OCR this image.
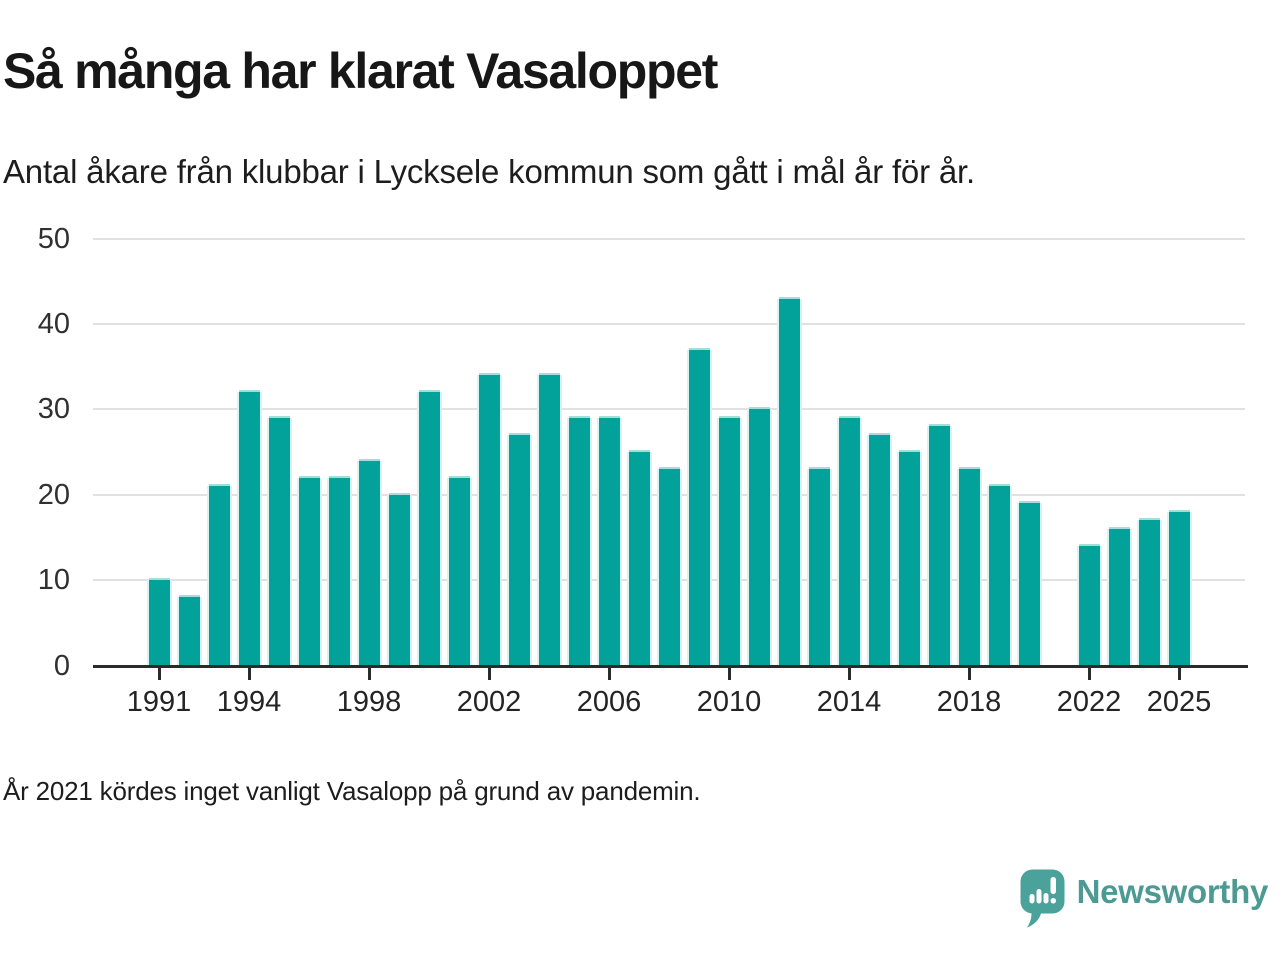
Så många har klarat Vasaloppet
Antal åkare från klubbar i Lycksele kommun som gått i mål år för år.
0
10
20
30
40
50
1991 1994	1998	2002	2006	2010	2014	2018	2022 2025
År 2021 kördes inget vanligt Vasalopp på grund av pandemin.
Newsworthy
